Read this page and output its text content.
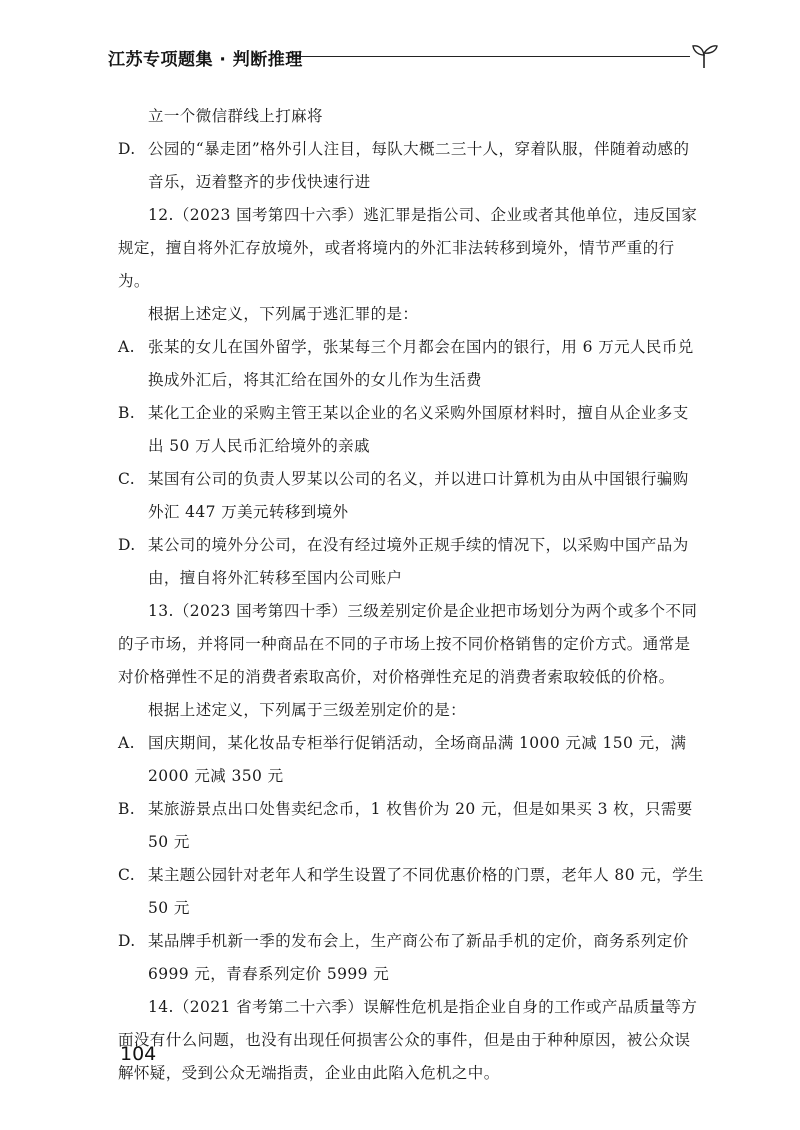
江苏专项题集 · 判断推理

立一个微信群线上打麻将

D. 公园的“暴走团”格外引人注目，每队大概二三十人，穿着队服，伴随着动感的音乐，迈着整齐的步伐快速行进

12.（2023 国考第四十六季）逃汇罪是指公司、企业或者其他单位，违反国家规定，擅自将外汇存放境外，或者将境内的外汇非法转移到境外，情节严重的行为。

根据上述定义，下列属于逃汇罪的是：

A. 张某的女儿在国外留学，张某每三个月都会在国内的银行，用 6 万元人民币兑换成外汇后，将其汇给在国外的女儿作为生活费
B. 某化工企业的采购主管王某以企业的名义采购外国原材料时，擅自从企业多支出 50 万人民币汇给境外的亲戚
C. 某国有公司的负责人罗某以公司的名义，并以进口计算机为由从中国银行骗购外汇 447 万美元转移到境外
D. 某公司的境外分公司，在没有经过境外正规手续的情况下，以采购中国产品为由，擅自将外汇转移至国内公司账户

13.（2023 国考第四十季）三级差别定价是企业把市场划分为两个或多个不同的子市场，并将同一种商品在不同的子市场上按不同价格销售的定价方式。通常是对价格弹性不足的消费者索取高价，对价格弹性充足的消费者索取较低的价格。

根据上述定义，下列属于三级差别定价的是：

A. 国庆期间，某化妆品专柜举行促销活动，全场商品满 1000 元减 150 元，满 2000 元减 350 元
B. 某旅游景点出口处售卖纪念币，1 枚售价为 20 元，但是如果买 3 枚，只需要 50 元
C. 某主题公园针对老年人和学生设置了不同优惠价格的门票，老年人 80 元，学生 50 元
D. 某品牌手机新一季的发布会上，生产商公布了新品手机的定价，商务系列定价 6999 元，青春系列定价 5999 元

14.（2021 省考第二十六季）误解性危机是指企业自身的工作或产品质量等方面没有什么问题，也没有出现任何损害公众的事件，但是由于种种原因，被公众误解怀疑，受到公众无端指责，企业由此陷入危机之中。

104
